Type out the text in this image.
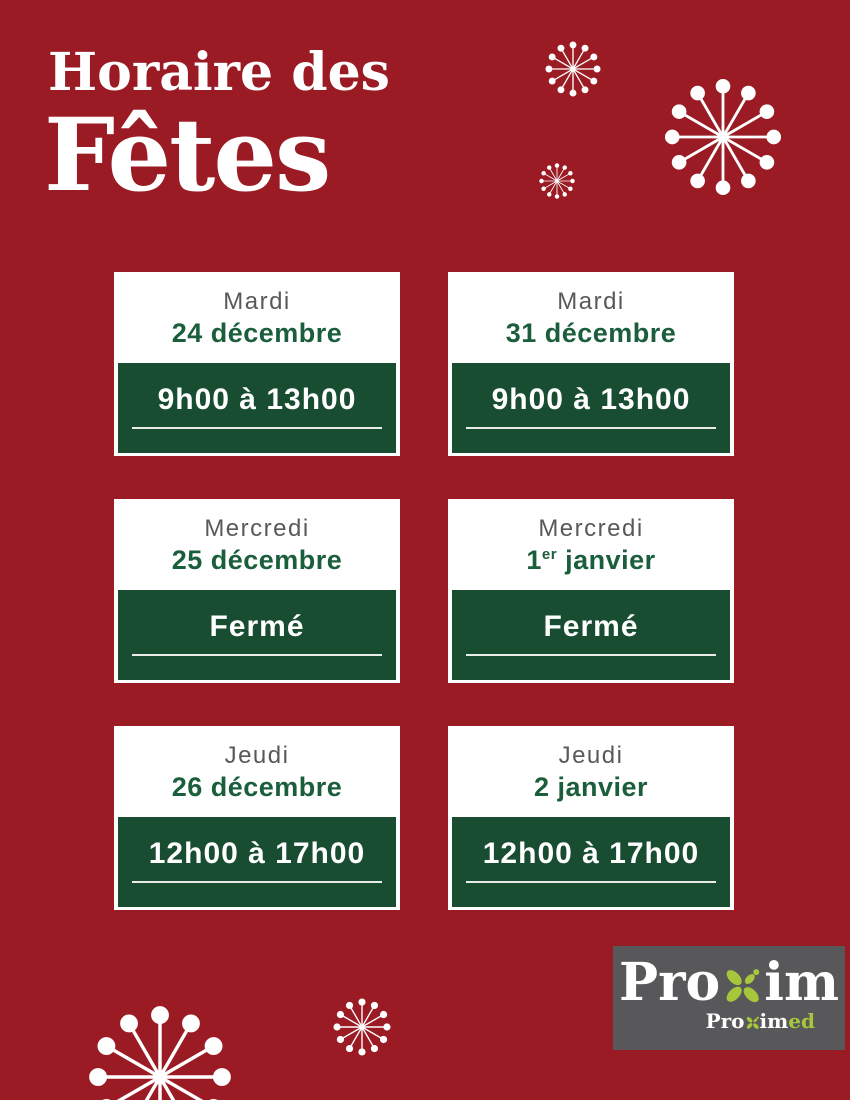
Horaire des
Fêtes
Mardi
24 décembre
9h00 à 13h00
Mardi
31 décembre
9h00 à 13h00
Mercredi
25 décembre
Fermé
Mercredi
1er janvier
Fermé
Jeudi
26 décembre
12h00 à 17h00
Jeudi
2 janvier
12h00 à 17h00
Pro im
Pro im ed
